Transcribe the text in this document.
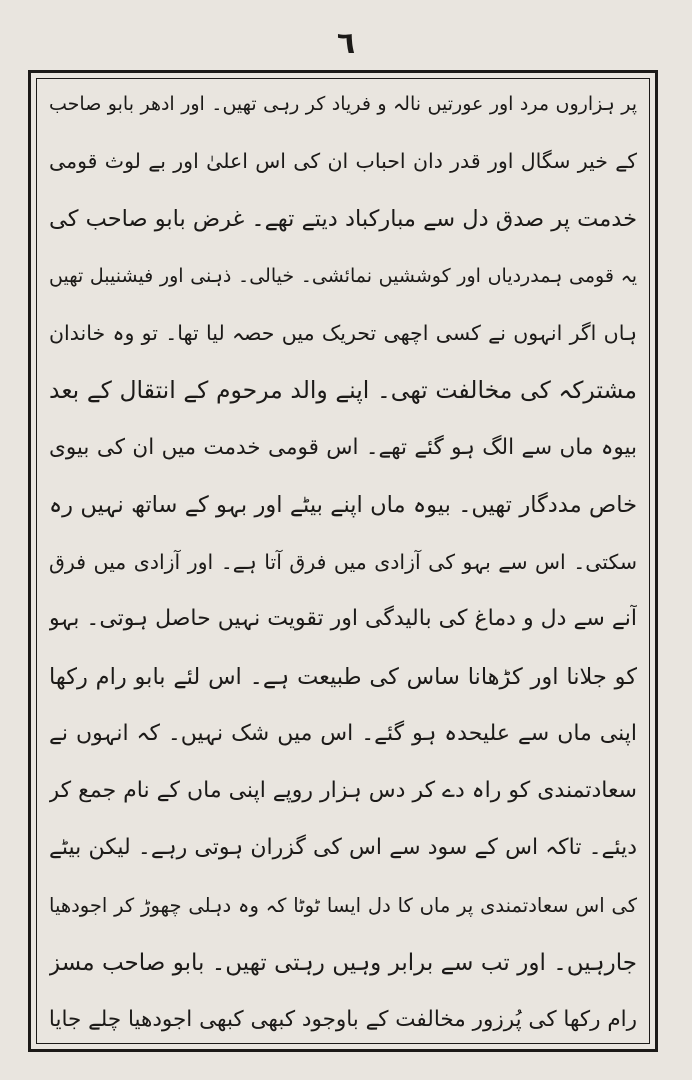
٦
پر ہزاروں مرد اور عورتیں نالہ و فریاد کر رہی تھیں۔ اور ادھر بابو صاحب
کے خیر سگال اور قدر دان احباب ان کی اس اعلیٰ اور بے لوث قومی
خدمت پر صدق دل سے مبارکباد دیتے تھے۔ غرض بابو صاحب کی
یہ قومی ہمدردیاں اور کوششیں نمائشی۔ خیالی۔ ذہنی اور فیشنیبل تھیں
ہاں اگر انہوں نے کسی اچھی تحریک میں حصہ لیا تھا۔ تو وہ خاندان
مشترکہ کی مخالفت تھی۔ اپنے والد مرحوم کے انتقال کے بعد
بیوہ ماں سے الگ ہو گئے تھے۔ اس قومی خدمت میں ان کی بیوی
خاص مددگار تھیں۔ بیوہ ماں اپنے بیٹے اور بہو کے ساتھ نہیں رہ
سکتی۔ اس سے بہو کی آزادی میں فرق آتا ہے۔ اور آزادی میں فرق
آنے سے دل و دماغ کی بالیدگی اور تقویت نہیں حاصل ہوتی۔ بہو
کو جلانا اور کڑھانا ساس کی طبیعت ہے۔ اس لئے بابو رام رکھا
اپنی ماں سے علیحدہ ہو گئے۔ اس میں شک نہیں۔ کہ انہوں نے
سعادتمندی کو راہ دے کر دس ہزار روپے اپنی ماں کے نام جمع کر
دیئے۔ تاکہ اس کے سود سے اس کی گزران ہوتی رہے۔ لیکن بیٹے
کی اس سعادتمندی پر ماں کا دل ایسا ٹوٹا کہ وہ دہلی چھوڑ کر اجودھیا
جارہیں۔ اور تب سے برابر وہیں رہتی تھیں۔ بابو صاحب مسز
رام رکھا کی پُرزور مخالفت کے باوجود کبھی کبھی اجودھیا چلے جایا
